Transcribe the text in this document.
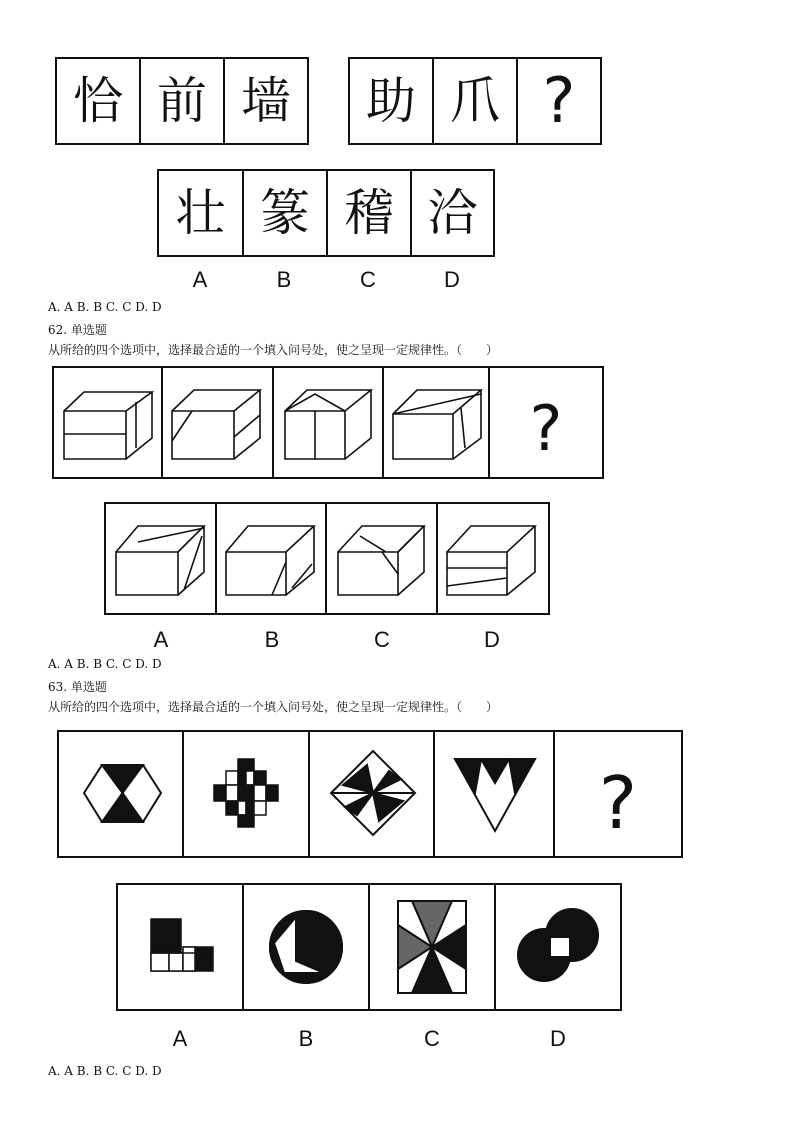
恰 前 墙	助 爪 ?
壮 篆 稽 洽
A	B	C	D
A. A B. B C. C D. D
62. 单选题
从所给的四个选项中，选择最合适的一个填入问号处，使之呈现一定规律性。（　　）
?
A	B	C	D
A. A B. B C. C D. D
63. 单选题
从所给的四个选项中，选择最合适的一个填入问号处，使之呈现一定规律性。（　　）
?
A	B	C	D
A. A B. B C. C D. D
